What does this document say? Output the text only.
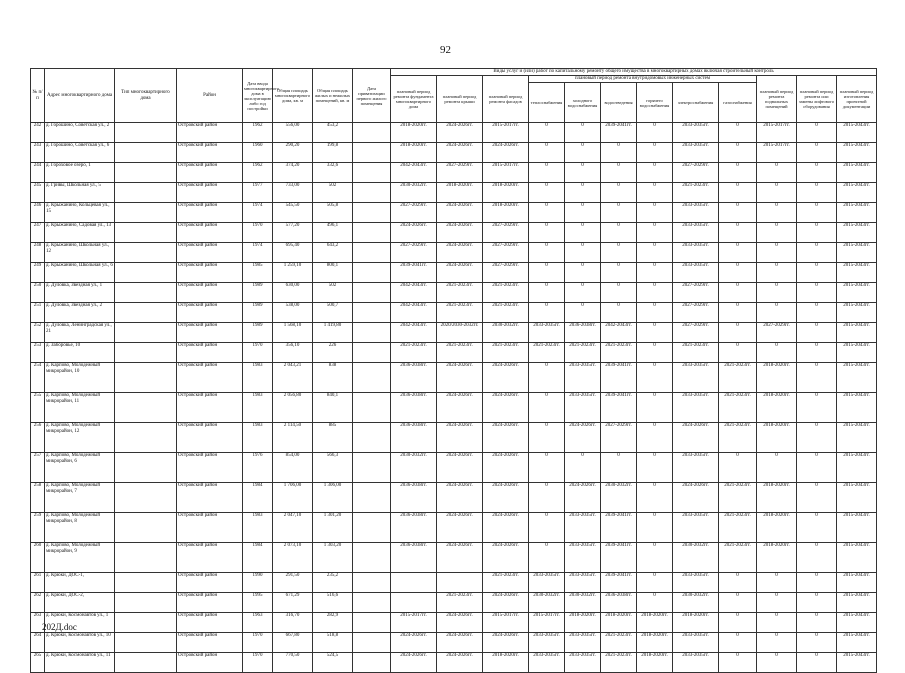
92
№ п/п	Адрес многоквартирного дома	Тип многоквартирного дома	Район	Дата ввода многоквартирного дома в эксплуатацию либо год постройки	Общая площадь многоквартирного дома, кв. м	Общая площадь жилых и нежилых помещений, кв. м	Дата приватизации первого жилого помещения	Виды услуг и (или) работ по капитальному ремонту общего имущества в многоквартирных домах включая строительный контроль											
								плановый период ремонта фундамента многоквартирного дома	плановый период ремонта крыши	плановый период ремонта фасадов	плановый период ремонта внутридомовых инженерных систем						плановый период ремонта подвальных помещений	плановый период ремонта или замены лифтового оборудования	плановый период изготовления проектной документации
											теплоснабжения	холодного водоснабжения	водоотведения	горячего водоснабжения	электроснабжения	газоснабжения			
242	д. Горошино, Советская ул., 2		Островский район	1962	556,00	453,2		2018-2020гг.	2024-2026гг.	2015-2017гг.	0	0	2039-2041гг.	0	2033-2035гг.	0	2015-2017гг.	0	2015-2043гг.
243	д. Горошино, Советская ул., 6		Островский район	1960	290,20	199,8		2018-2020гг.	2024-2026гг.	2024-2026гг.	0	0	0	0	2033-2035гг.	0	2015-2017гг.	0	2015-2043гг.
244	д. Гороховое озеро, 1		Островский район	1962	374,20	332,6		2042-2043гг.	2027-2029гг.	2015-2017гг.	0	0	0	0	2027-2029гг.	0	0	0	2015-2043гг.
245	д. Гривы, Школьная ул., 5		Островский район	1977	733,00	502		2030-2032гг.	2018-2020гг.	2018-2020гг.	0	0	0	0	2021-2023гг.	0	0	0	2015-2043гг.
246	д. Крыжанино, Кольцевая ул., 15		Островский район	1974	545,50	505,8		2027-2029гг.	2024-2026гг.	2018-2020гг.	0	0	0	0	2033-2035гг.	0	0	0	2015-2043гг.
247	д. Крыжанино, Садовая ул., 13		Островский район	1970	577,20	496,1		2024-2026гг.	2024-2026гг.	2027-2029гг.	0	0	0	0	2033-2035гг.	0	0	0	2015-2043гг.
248	д. Крыжанино, Школьная ул., 12		Островский район	1974	695,40	643,2		2027-2029гг.	2024-2026гг.	2027-2029гг.	0	0	0	0	2033-2035гг.	0	0	0	2015-2043гг.
249	д. Крыжанино, Школьная ул., 6		Островский район	1985	1 259,10	800,1		2039-2041гг.	2024-2026гг.	2027-2029гг.	0	0	0	0	2033-2035гг.	0	0	0	2015-2043гг.
250	д. Дуловка, Звездная ул., 1		Островский район	1989	630,00	502		2042-2043гг.	2021-2023гг.	2021-2023гг.	0	0	0	0	2027-2029гг.	0	0	0	2015-2043гг.
251	д. Дуловка, Звездная ул., 2		Островский район	1989	538,00	500,7		2042-2043гг.	2021-2023гг.	2021-2023гг.	0	0	0	0	2027-2029гг.	0	0	0	2015-2043гг.
252	д. Дуловка, Ленинградская ул., 21		Островский район	1989	1 568,10	1 419,80		2042-2043гг.	2020/2030-2032гг.	2030-2032гг.	2033-2035гг.	2036-2038гг.	2042-2043гг.	0	2027-2029гг.	0	2027-2029гг.	0	2015-2043гг.
253	д. Заборовье, 10		Островский район	1970	356,10	226		2021-2023гг.	2021-2023гг.	2021-2023гг.	2021-2023гг.	2021-2023гг.	2021-2023гг.	0	2021-2023гг.	0	0	0	2015-2043гг.
254	д. Карпово, Молодежный микрорайон, 10		Островский район	1983	2 043,21	838		2036-2038гг.	2024-2026гг.	2024-2026гг.	0	2033-2035гг.	2039-2041гг.	0	2033-2035гг.	2021-2023гг.	2018-2020гг.	0	2015-2043гг.
255	д. Карпово, Молодежный микрорайон, 11		Островский район	1983	2 056,80	840,1		2036-2038гг.	2024-2026гг.	2024-2026гг.	0	2033-2035гг.	2039-2041гг.	0	2033-2035гг.	2021-2023гг.	2018-2020гг.	0	2015-2043гг.
256	д. Карпово, Молодежный микрорайон, 12		Островский район	1983	2 114,50	885		2036-2038гг.	2024-2026гг.	2024-2026гг.	0	2024-2026гг.	2027-2029гг.	0	2024-2026гг.	2021-2023гг.	2018-2020гг.	0	2015-2043гг.
257	д. Карпово, Молодежный микрорайон, 6		Островский район	1976	854,00	566,3		2030-2032гг.	2024-2026гг.	2024-2026гг.	0	0	0	0	2033-2035гг.	0	0	0	2015-2043гг.
258	д. Карпово, Молодежный микрорайон, 7		Островский район	1984	1 706,00	1 306,00		2036-2038гг.	2024-2026гг.	2024-2026гг.	0	2024-2026гг.	2030-2032гг.	0	2024-2026гг.	2021-2023гг.	2018-2020гг.	0	2015-2043гг.
259	д. Карпово, Молодежный микрорайон, 8		Островский район	1983	2 047,10	1 301,20		2036-2038гг.	2024-2026гг.	2024-2026гг.	0	2033-2035гг.	2039-2041гг.	0	2033-2035гг.	2021-2023гг.	2018-2020гг.	0	2015-2043гг.
260	д. Карпово, Молодежный микрорайон, 9		Островский район	1984	2 073,10	1 303,20		2036-2038гг.	2024-2026гг.	2024-2026гг.	0	2033-2035гг.	2039-2041гг.	0	2030-2032гг.	2021-2023гг.	2018-2020гг.	0	2015-2043гг.
261	д. Крюки, ДОС-1,		Островский район	1990	291,50	235,2				2021-2023гг.	2033-2035гг.	2033-2035гг.	2039-2041гг.	0	2033-2035гг.	0	0	0	2015-2043гг.
262	д. Крюки, ДОС-2,		Островский район	1995	671,29	516,6			2021-2023гг.	2024-2026гг.	2030-2032гг.	2030-2032гг.	2036-2038гг.	0	2030-2032гг.	0	0	0	2015-2043гг.
263	д. Крюки, Космонавтов ул., 1		Островский район	1963	316,70	282,9		2015-2017гг.	2024-2026гг.	2015-2017гг.	2015-2017гг.	2018-2020гг.	2018-2020гг.	2018-2020гг.	2018-2020гг.	0	0	0	2015-2043гг.
264	д. Крюки, Космонавтов ул., 10		Островский район	1970	667,80	518,8		2024-2026гг.	2024-2026гг.	2024-2026гг.	2033-2035гг.	2033-2035гг.	2021-2023гг.	2018-2020гг.	2033-2035гг.	0	0	0	2015-2043гг.
265	д. Крюки, Космонавтов ул., 11		Островский район	1970	770,50	524,5		2024-2026гг.	2024-2026гг.	2018-2020гг.	2033-2035гг.	2033-2035гг.	2021-2023гг.	2018-2020гг.	2033-2035гг.	0	0	0	2015-2043гг.
202Д.doc
